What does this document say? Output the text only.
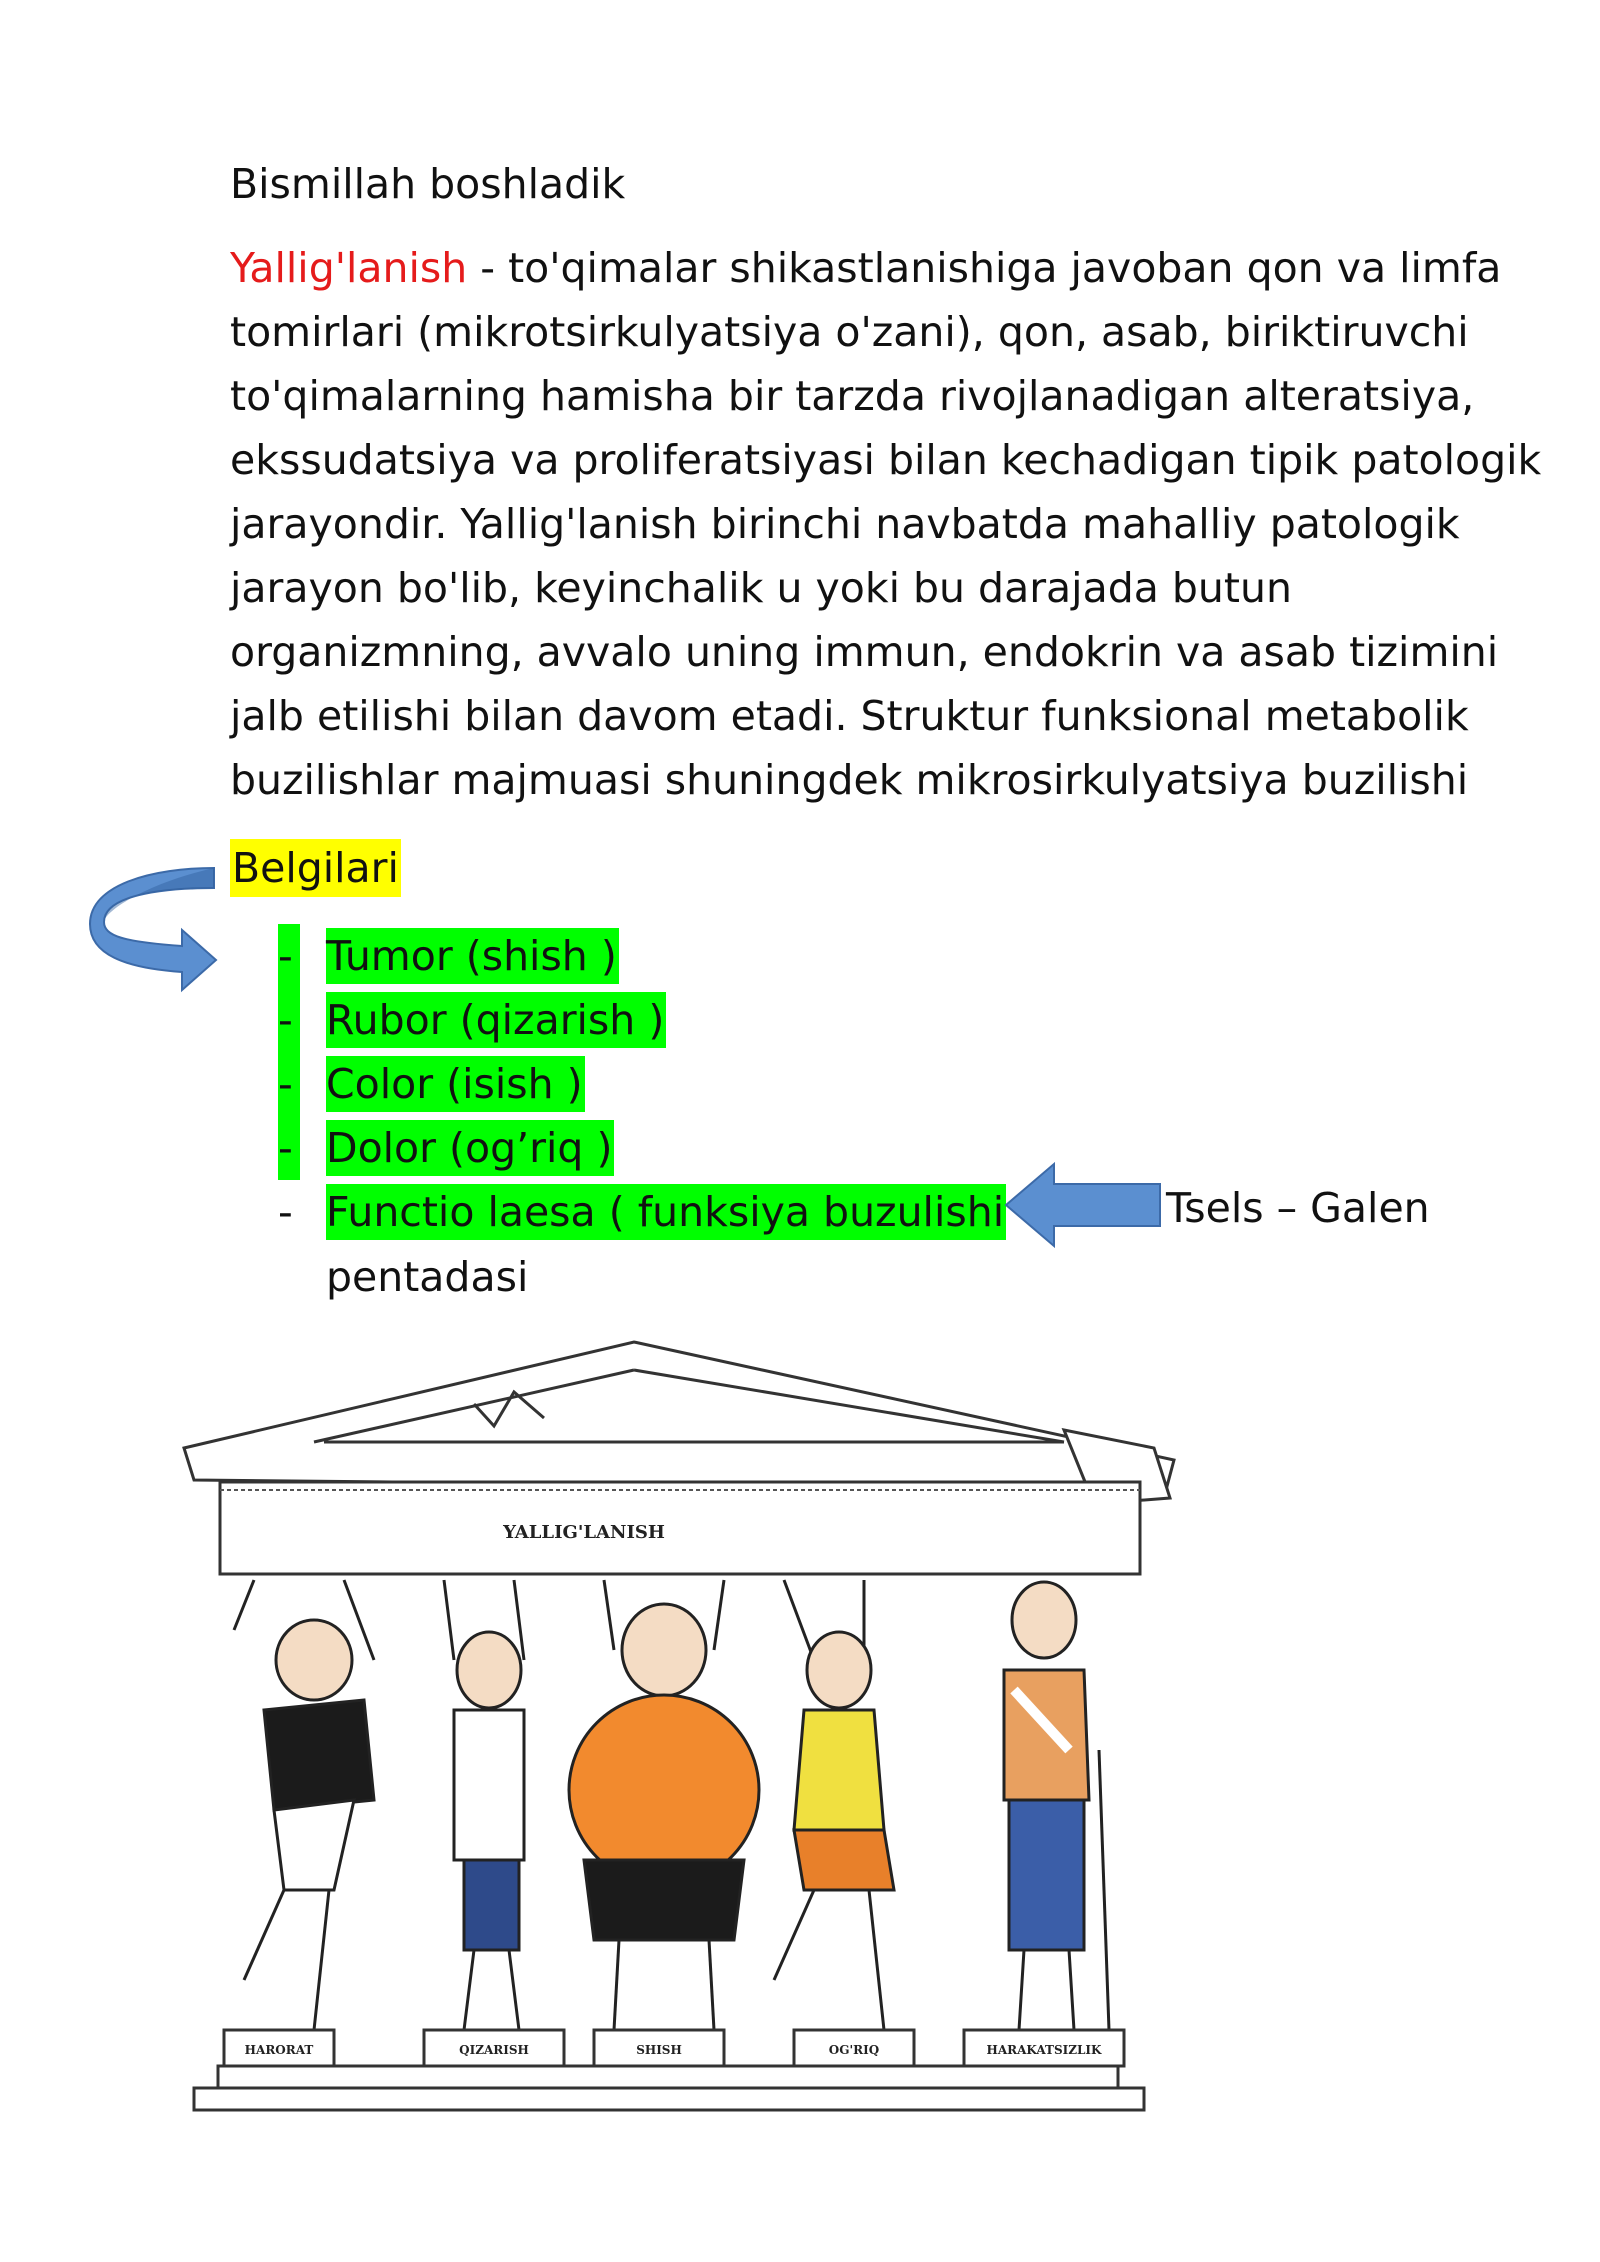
Bismillah boshladik
Yallig'lanish - to'qimalar shikastlanishiga javoban qon va limfa
tomirlari (mikrotsirkulyatsiya o'zani), qon, asab, biriktiruvchi
to'qimalarning hamisha bir tarzda rivojlanadigan alteratsiya,
ekssudatsiya va proliferatsiyasi bilan kechadigan tipik patologik
jarayondir. Yallig'lanish birinchi navbatda mahalliy patologik
jarayon bo'lib, keyinchalik u yoki bu darajada butun
organizmning, avvalo uning immun, endokrin va asab tizimini
jalb etilishi bilan davom etadi. Struktur funksional metabolik
buzilishlar majmuasi shuningdek mikrosirkulyatsiya buzilishi
Belgilari
- Tumor (shish )
- Rubor (qizarish )
- Color (isish )
- Dolor (og’riq )
- Functio laesa ( funksiya buzulishi
pentadasi
Tsels – Galen
YALLIG'LANISH
HARORAT	QIZARISH	SHISH	OG'RIQ	HARAKATSIZLIK
